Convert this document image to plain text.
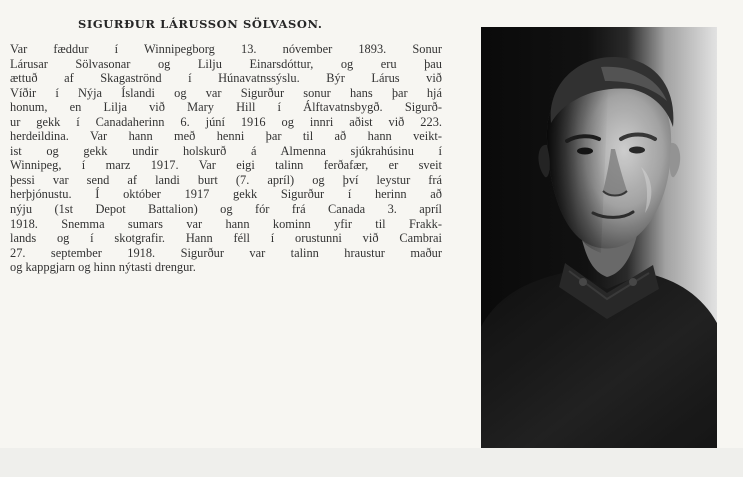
SIGURÐUR LÁRUSSON SÖLVASON.
Var fæddur í Winnipegborg 13. nóvember 1893. Sonur
Lárusar Sölvasonar og Lilju Einarsdóttur, og eru þau
ættuð af Skagaströnd í Húnavatnssýslu. Býr Lárus við
Víðir í Nýja Íslandi og var Sigurður sonur hans þar hjá
honum, en Lilja við Mary Hill í Álftavatnsbygð. Sigurð-
ur gekk í Canadaherinn 6. júní 1916 og innri aðist við 223.
herdeildina. Var hann með henni þar til að hann veikt-
ist og gekk undir holskurð á Almenna sjúkrahúsinu í
Winnipeg, í marz 1917. Var eigi talinn ferðafær, er sveit
þessi var send af landi burt (7. apríl) og því leystur frá
herþjónustu. Í október 1917 gekk Sigurður í herinn að
nýju (1st Depot Battalion) og fór frá Canada 3. apríl
1918. Snemma sumars var hann kominn yfir til Frakk-
lands og í skotgrafir. Hann féll í orustunni við Cambrai
27. september 1918. Sigurður var talinn hraustur maður
og kappgjarn og hinn nýtasti drengur.
